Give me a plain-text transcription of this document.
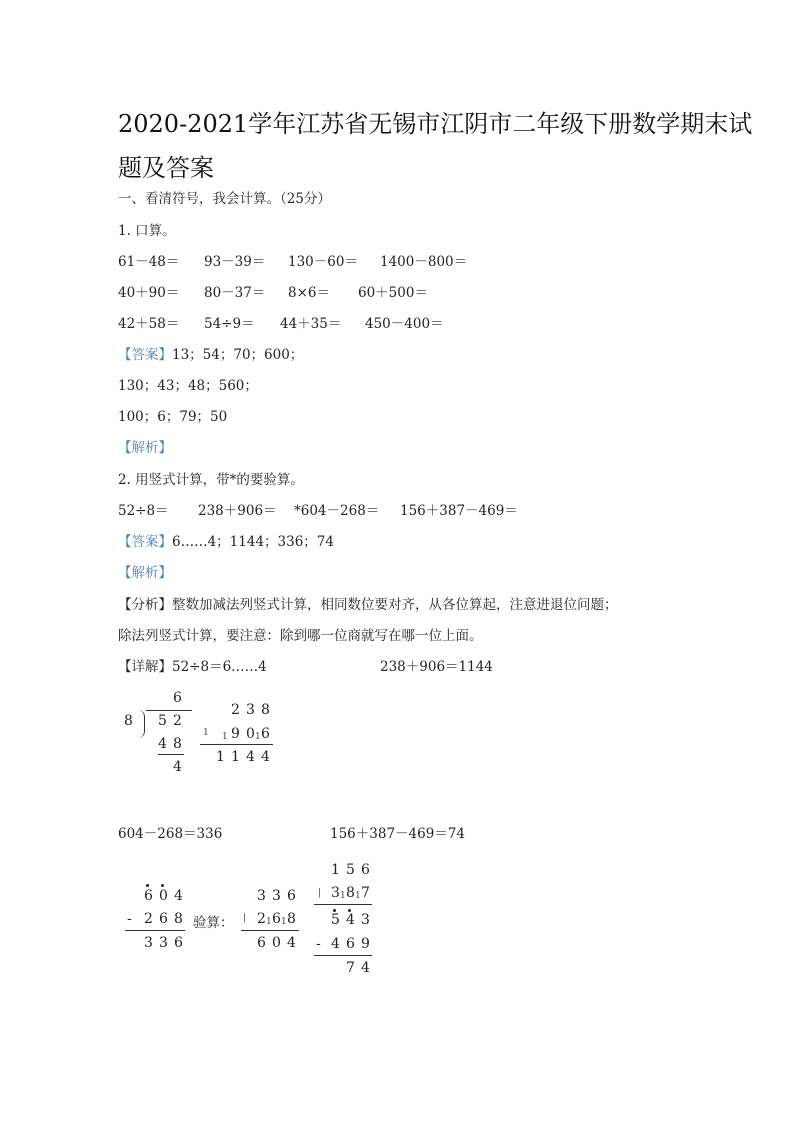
2020-2021学年江苏省无锡市江阴市二年级下册数学期末试
题及答案
一、看清符号，我会计算。（25分）
1. 口算。
61－48＝ 93－39＝ 130－60＝ 1400－800＝
40＋90＝ 80－37＝ 8×6＝ 60＋500＝
42＋58＝ 54÷9＝ 44＋35＝ 450－400＝
【答案】13；54；70；600；
130；43；48；560；
100；6；79；50
【解析】
2. 用竖式计算，带*的要验算。
52÷8＝ 238＋906＝ *604－268＝ 156＋387－469＝
【答案】6……4；1144；336；74
【解析】
【分析】整数加减法列竖式计算，相同数位要对齐，从各位算起，注意进退位问题；
除法列竖式计算，要注意：除到哪一位商就写在哪一位上面。
【详解】52÷8＝6……4	238＋906＝1144
6
8 5 2
4 8
4
2 3 8
1 1 9 0 1 6
1 1 4 4
604－268＝336	156＋387－469＝74
6 0 4
- 2 6 8
3 3 6
验算：
3 3 6
| 2 1 6 1 8
6 0 4
1 5 6
| 3 1 8 1 7
5 4 3
- 4 6 9
7 4
